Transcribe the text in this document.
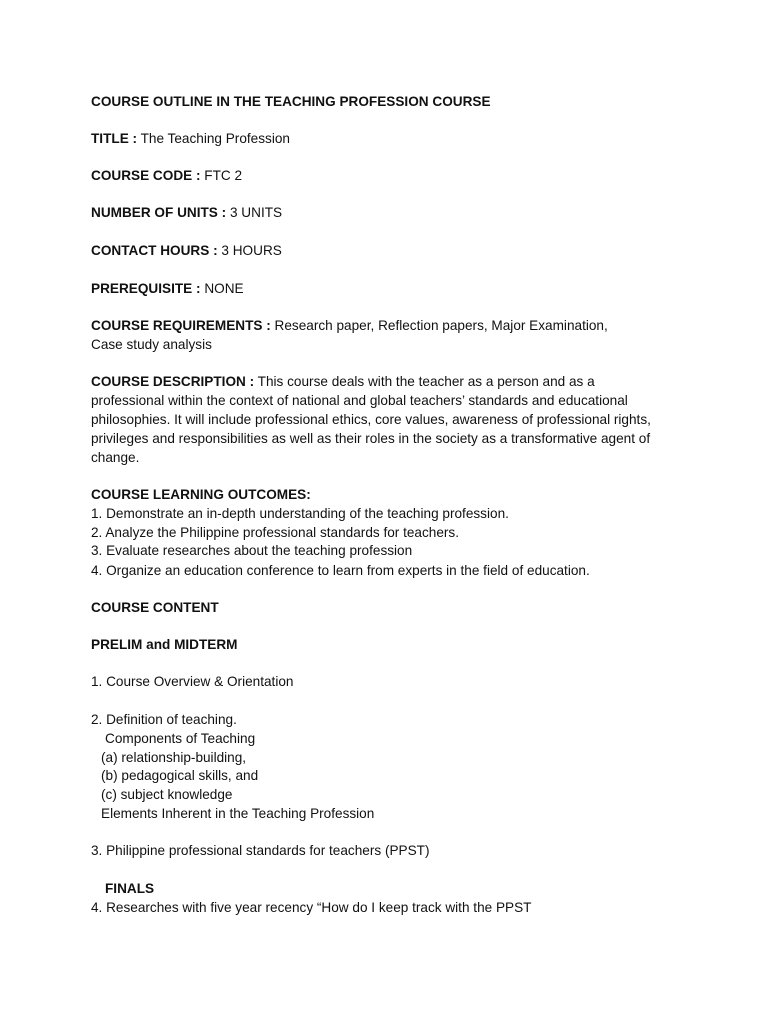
COURSE OUTLINE IN THE TEACHING PROFESSION COURSE
TITLE : The Teaching Profession
COURSE CODE : FTC 2
NUMBER OF UNITS : 3 UNITS
CONTACT HOURS : 3 HOURS
PREREQUISITE : NONE
COURSE REQUIREMENTS : Research paper, Reflection papers, Major Examination, Case study analysis
COURSE DESCRIPTION : This course deals with the teacher as a person and as a professional within the context of national and global teachers’ standards and educational philosophies. It will include professional ethics, core values, awareness of professional rights, privileges and responsibilities as well as their roles in the society as a transformative agent of change.
COURSE LEARNING OUTCOMES:
1. Demonstrate an in-depth understanding of the teaching profession.
2. Analyze the Philippine professional standards for teachers.
3. Evaluate researches about the teaching profession
4. Organize an education conference to learn from experts in the field of education.
COURSE CONTENT
PRELIM and MIDTERM
1. Course Overview & Orientation
2. Definition of teaching.
Components of Teaching
(a) relationship-building,
(b) pedagogical skills, and
(c) subject knowledge
Elements Inherent in the Teaching Profession
3. Philippine professional standards for teachers (PPST)
FINALS
4. Researches with five year recency “How do I keep track with the PPST
